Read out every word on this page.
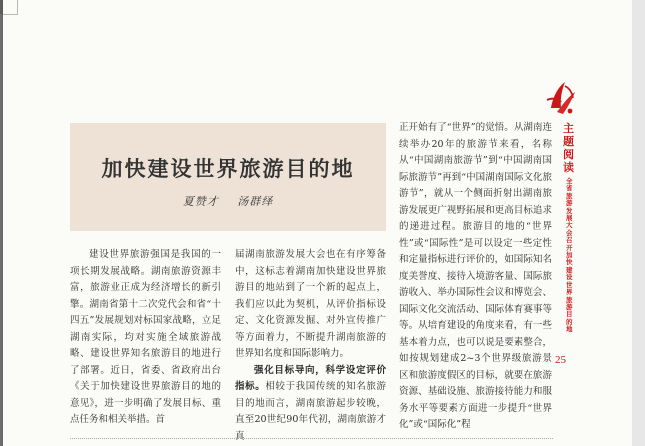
加快建设世界旅游目的地
夏赞才 汤群绎

建设世界旅游强国是我国的一项长期发展战略。湖南旅游资源丰富，旅游业正成为经济增长的新引擎。湖南省第十二次党代会和省“十四五”发展规划对标国家战略，立足湖南实际，均对实施全域旅游战略、建设世界知名旅游目的地进行了部署。近日，省委、省政府出台《关于加快建设世界旅游目的地的意见》，进一步明确了发展目标、重点任务和相关举措。首

届湖南旅游发展大会也在有序筹备中，这标志着湖南加快建设世界旅游目的地站到了一个新的起点上，我们应以此为契机，从评价指标设定、文化资源发掘、对外宣传推广等方面着力，不断提升湖南旅游的世界知名度和国际影响力。

强化目标导向，科学设定评价指标。相较于我国传统的知名旅游目的地而言，湖南旅游起步较晚，直至20世纪90年代初，湖南旅游才真

正开始有了“世界”的觉悟。从湖南连续举办20年的旅游节来看，名称从“中国湖南旅游节”到“中国湖南国际旅游节”再到“中国湖南国际文化旅游节”，就从一个侧面折射出湖南旅游发展更广视野拓展和更高目标追求的递进过程。旅游目的地的“世界性”或“国际性”是可以设定一些定性和定量指标进行评价的，如国际知名度美誉度、接待入境游客量、国际旅游收入、举办国际性会议和博览会、国际文化交流活动、国际体育赛事等等。从培育建设的角度来看，有一些基本着力点，也可以说是要素整合，如按规划建成2~3个世界级旅游景区和旅游度假区的目标，就要在旅游资源、基础设施、旅游接待能力和服务水平等要素方面进一步提升“世界化”或“国际化”程

主题阅读
全省旅游发展大会召开 加快建设世界旅游目的地
25
